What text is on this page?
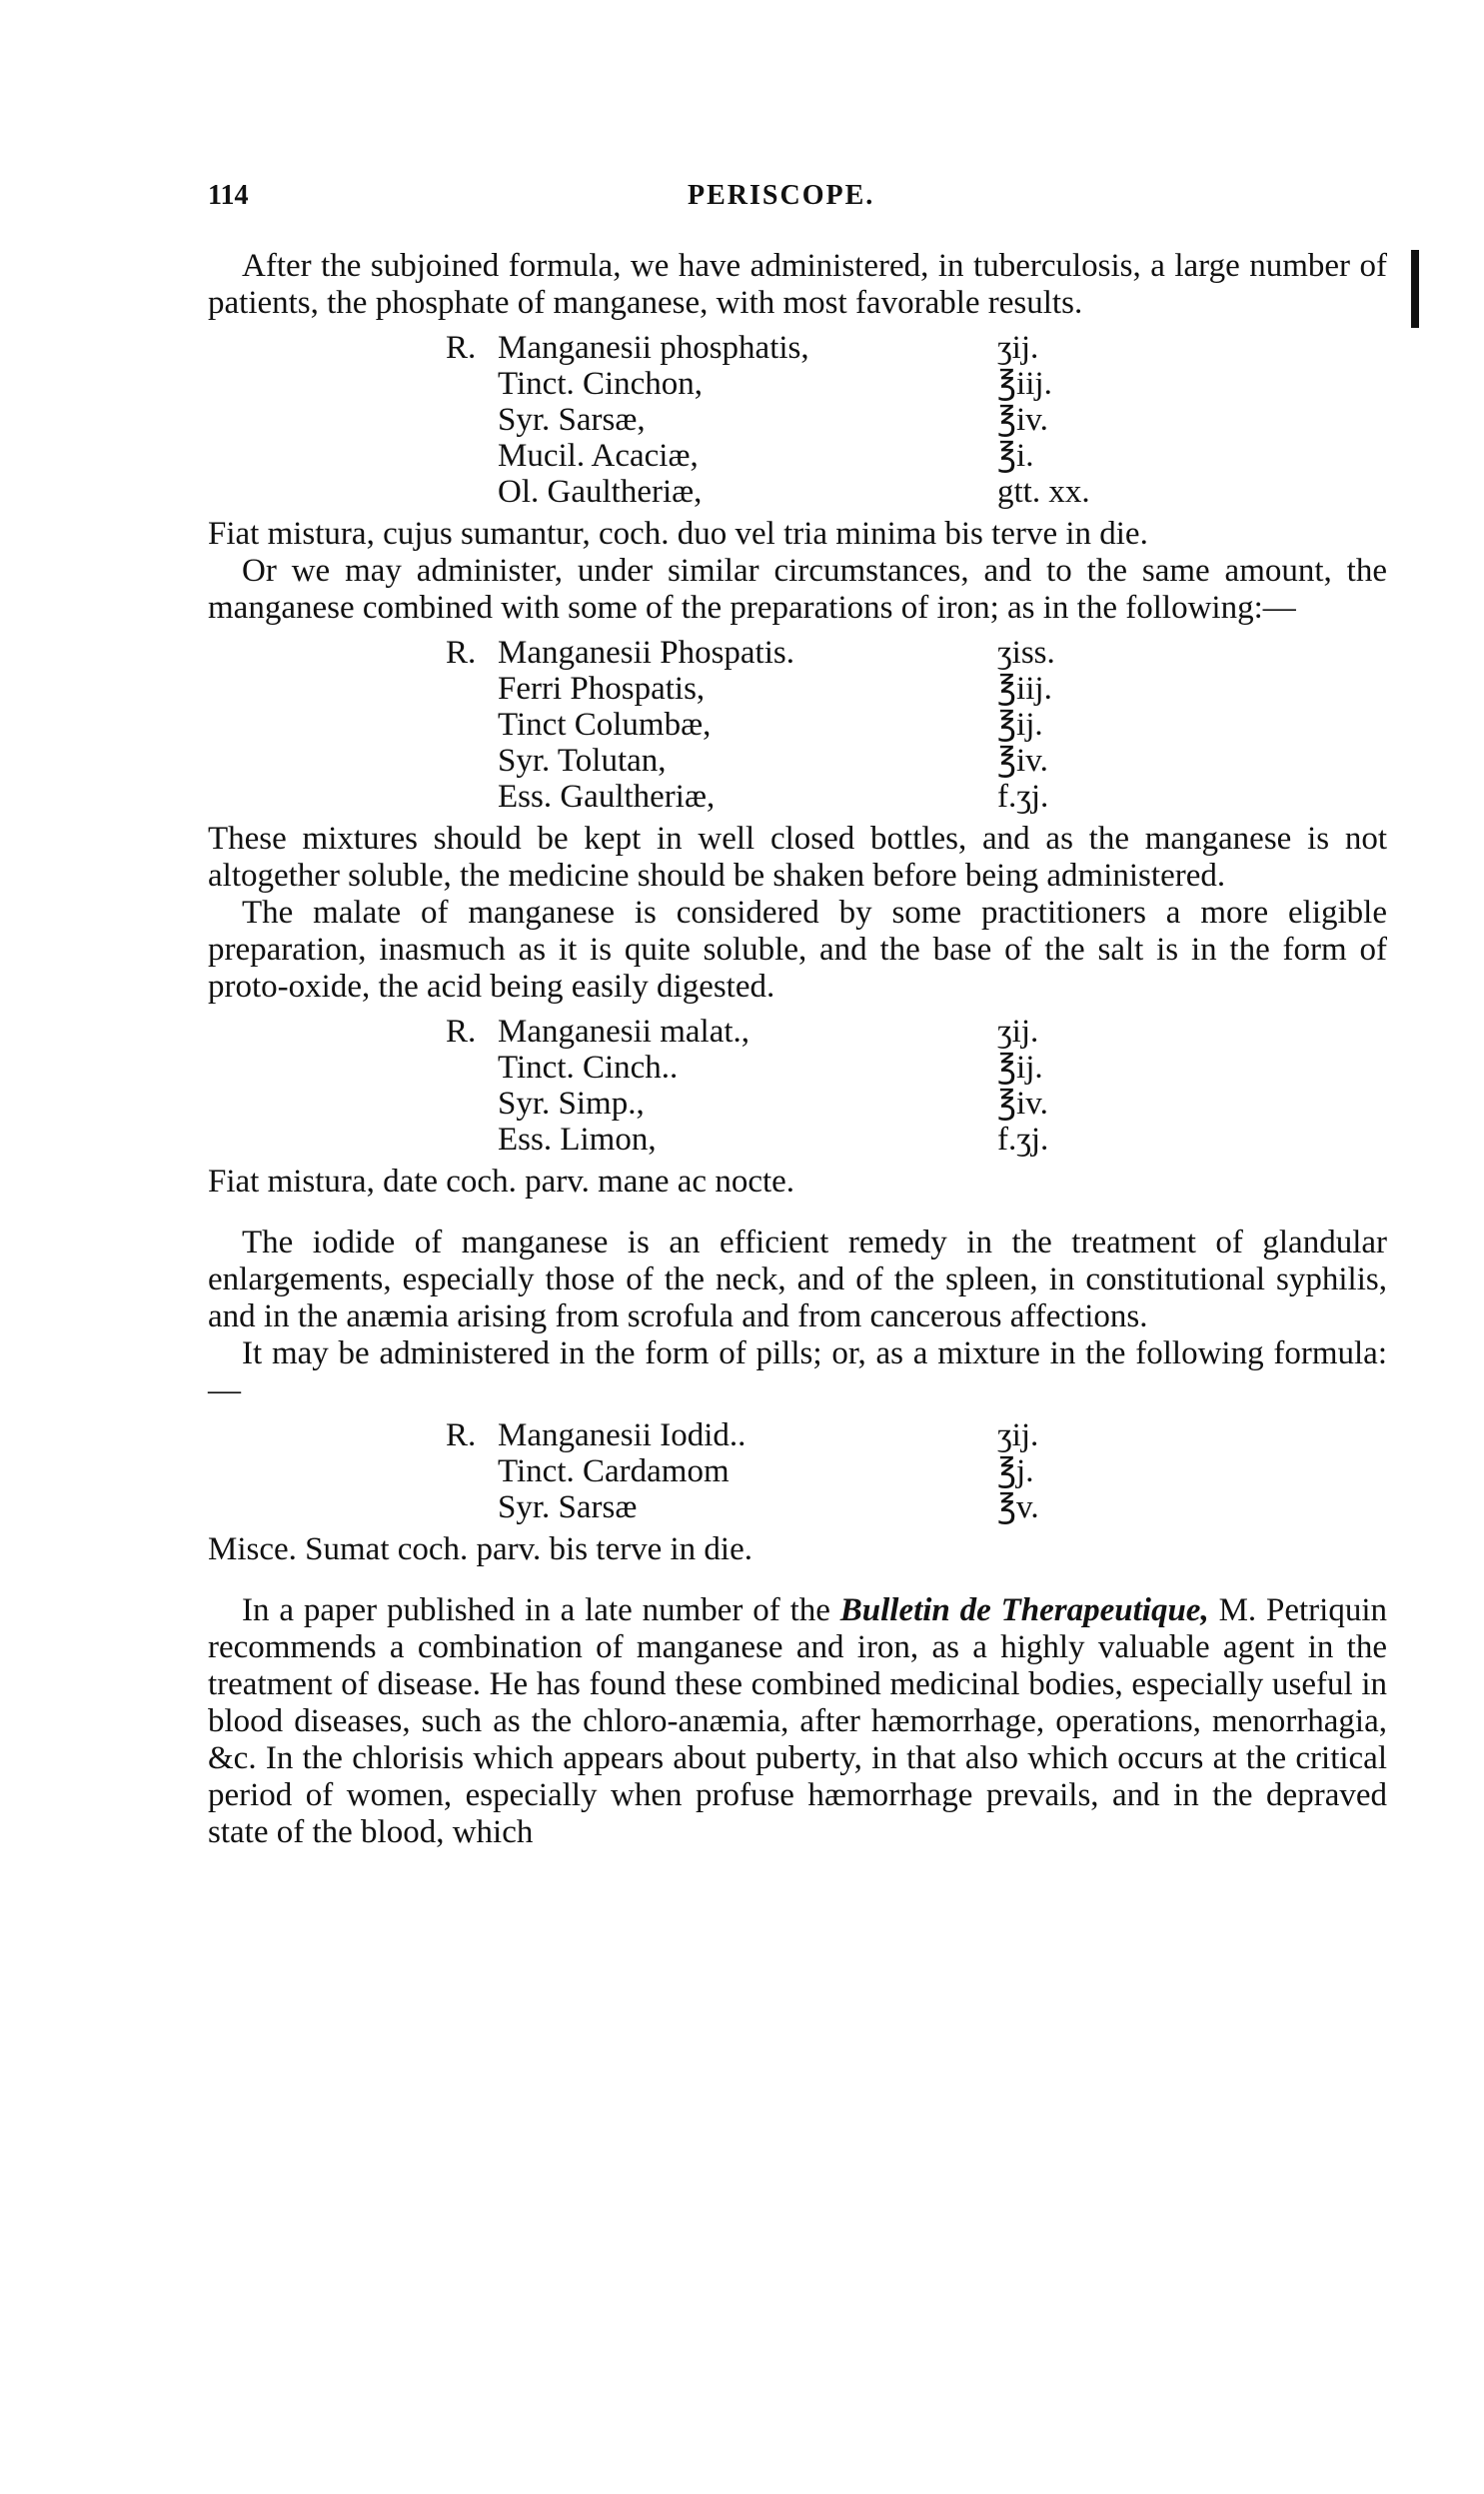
114	PERISCOPE.

After the subjoined formula, we have administered, in tuberculosis, a large number of patients, the phosphate of manganese, with most favorable results.

R. Manganesii phosphatis,	ʒij.
Tinct. Cinchon,	℥iij.
Syr. Sarsæ,	℥iv.
Mucil. Acaciæ,	℥i.
Ol. Gaultheriæ,	gtt. xx.

Fiat mistura, cujus sumantur, coch. duo vel tria minima bis terve in die.

Or we may administer, under similar circumstances, and to the same amount, the manganese combined with some of the preparations of iron; as in the following:—

R. Manganesii Phospatis.	ʒiss.
Ferri Phospatis,	℥iij.
Tinct Columbæ,	℥ij.
Syr. Tolutan,	℥iv.
Ess. Gaultheriæ,	f.ʒj.

These mixtures should be kept in well closed bottles, and as the manganese is not altogether soluble, the medicine should be shaken before being administered.

The malate of manganese is considered by some practitioners a more eligible preparation, inasmuch as it is quite soluble, and the base of the salt is in the form of proto-oxide, the acid being easily digested.

R. Manganesii malat.,	ʒij.
Tinct. Cinch..	℥ij.
Syr. Simp.,	℥iv.
Ess. Limon,	f.ʒj.

Fiat mistura, date coch. parv. mane ac nocte.

The iodide of manganese is an efficient remedy in the treatment of glandular enlargements, especially those of the neck, and of the spleen, in constitutional syphilis, and in the anæmia arising from scrofula and from cancerous affections.

It may be administered in the form of pills; or, as a mixture in the following formula:—

R. Manganesii Iodid..	ʒij.
Tinct. Cardamom	℥j.
Syr. Sarsæ	℥v.

Misce. Sumat coch. parv. bis terve in die.

In a paper published in a late number of the Bulletin de Therapeutique, M. Petriquin recommends a combination of manganese and iron, as a highly valuable agent in the treatment of disease. He has found these combined medicinal bodies, especially useful in blood diseases, such as the chloro-anæmia, after hæmorrhage, operations, menorrhagia, &c. In the chlorisis which appears about puberty, in that also which occurs at the critical period of women, especially when profuse hæmorrhage prevails, and in the depraved state of the blood, which
